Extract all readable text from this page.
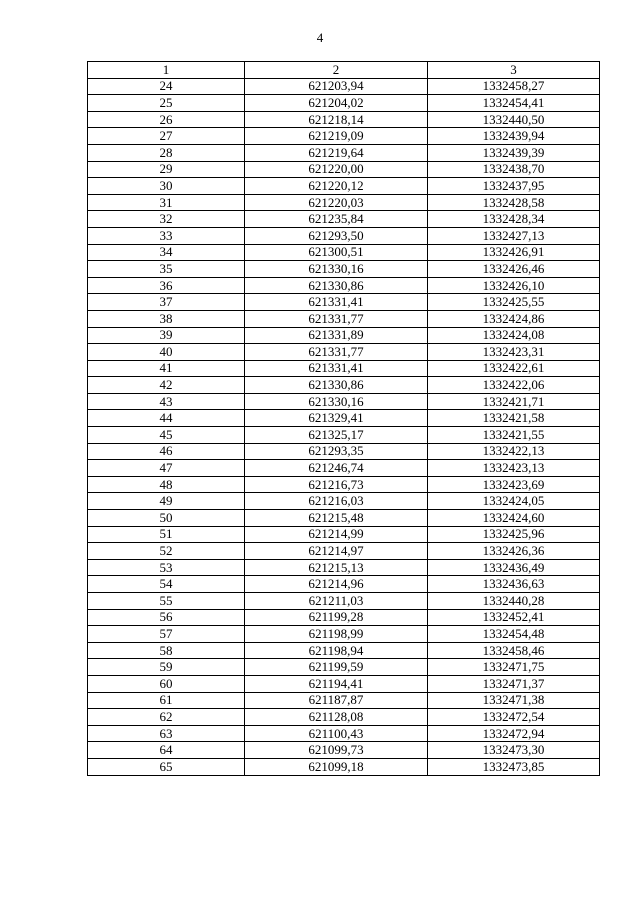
4
1	2	3
24	621203,94	1332458,27
25	621204,02	1332454,41
26	621218,14	1332440,50
27	621219,09	1332439,94
28	621219,64	1332439,39
29	621220,00	1332438,70
30	621220,12	1332437,95
31	621220,03	1332428,58
32	621235,84	1332428,34
33	621293,50	1332427,13
34	621300,51	1332426,91
35	621330,16	1332426,46
36	621330,86	1332426,10
37	621331,41	1332425,55
38	621331,77	1332424,86
39	621331,89	1332424,08
40	621331,77	1332423,31
41	621331,41	1332422,61
42	621330,86	1332422,06
43	621330,16	1332421,71
44	621329,41	1332421,58
45	621325,17	1332421,55
46	621293,35	1332422,13
47	621246,74	1332423,13
48	621216,73	1332423,69
49	621216,03	1332424,05
50	621215,48	1332424,60
51	621214,99	1332425,96
52	621214,97	1332426,36
53	621215,13	1332436,49
54	621214,96	1332436,63
55	621211,03	1332440,28
56	621199,28	1332452,41
57	621198,99	1332454,48
58	621198,94	1332458,46
59	621199,59	1332471,75
60	621194,41	1332471,37
61	621187,87	1332471,38
62	621128,08	1332472,54
63	621100,43	1332472,94
64	621099,73	1332473,30
65	621099,18	1332473,85
